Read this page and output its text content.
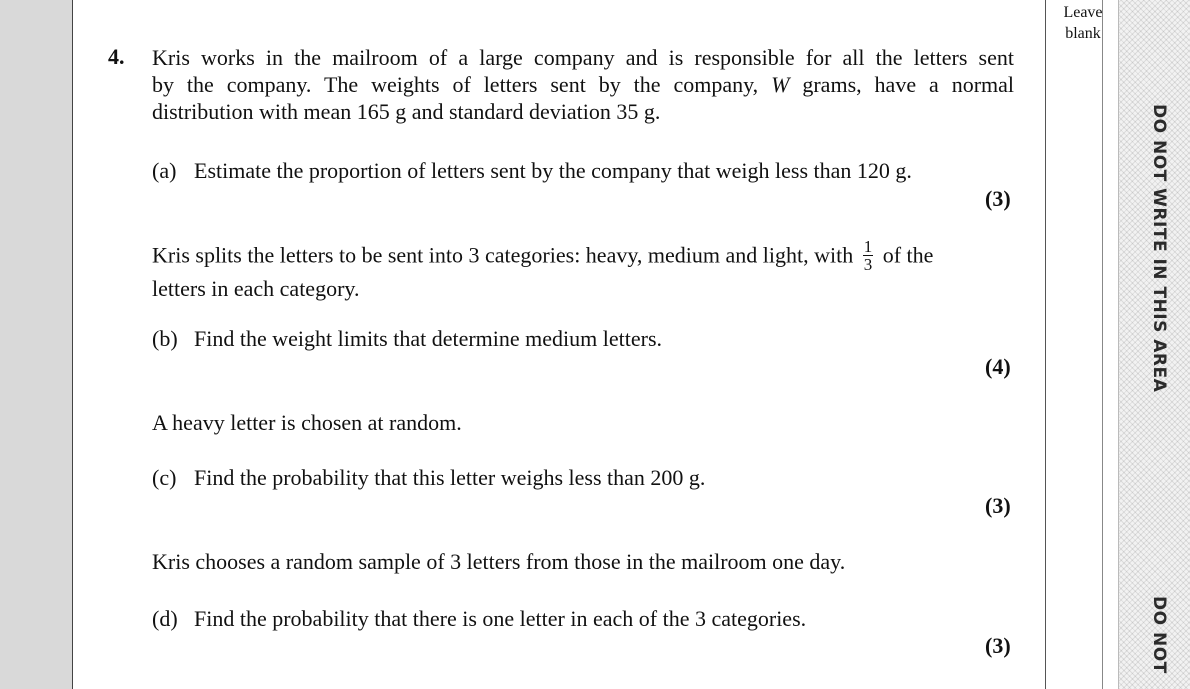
Leave
blank
DO NOT WRITE IN THIS AREA
DO NOT
4. Kris works in the mailroom of a large company and is responsible for all the letters sent
by the company. The weights of letters sent by the company, W grams, have a normal
distribution with mean 165 g and standard deviation 35 g.
(a) Estimate the proportion of letters sent by the company that weigh less than 120 g.
(3)
Kris splits the letters to be sent into 3 categories: heavy, medium and light, with $\frac{1}{3}$ of the
letters in each category.
(b) Find the weight limits that determine medium letters.
(4)
A heavy letter is chosen at random.
(c) Find the probability that this letter weighs less than 200 g.
(3)
Kris chooses a random sample of 3 letters from those in the mailroom one day.
(d) Find the probability that there is one letter in each of the 3 categories.
(3)
